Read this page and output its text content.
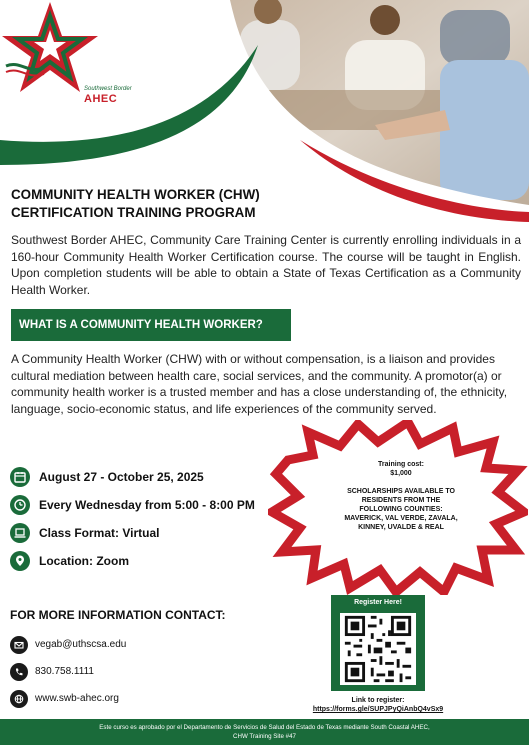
Southwest Border
AHEC
COMMUNITY HEALTH WORKER (CHW)
CERTIFICATION TRAINING PROGRAM

Southwest Border AHEC, Community Care Training Center is currently enrolling individuals in a 160-hour Community Health Worker Certification course. The course will be taught in English. Upon completion students will be able to obtain a State of Texas Certification as a Community Health Worker.

WHAT IS A COMMUNITY HEALTH WORKER?

A Community Health Worker (CHW) with or without compensation, is a liaison and provides cultural mediation between health care, social services, and the community. A promotor(a) or community health worker is a trusted member and has a close understanding of, the ethnicity, language, socio-economic status, and life experiences of the community served.

August 27 - October 25, 2025
Every Wednesday from 5:00 - 8:00 PM
Class Format: Virtual
Location: Zoom
Training cost:
$1,000
SCHOLARSHIPS AVAILABLE TO
RESIDENTS FROM THE
FOLLOWING COUNTIES:
MAVERICK, VAL VERDE, ZAVALA,
KINNEY, UVALDE & REAL
FOR MORE INFORMATION CONTACT:
vegab@uthscsa.edu
830.758.1111
www.swb-ahec.org
Register Here!
Link to register:
https://forms.gle/SUPJPyQiAnbQ4vSx9
Este curso es aprobado por el Departamento de Servicios de Salud del Estado de Texas mediante South Coastal AHEC,
CHW Training Site #47
